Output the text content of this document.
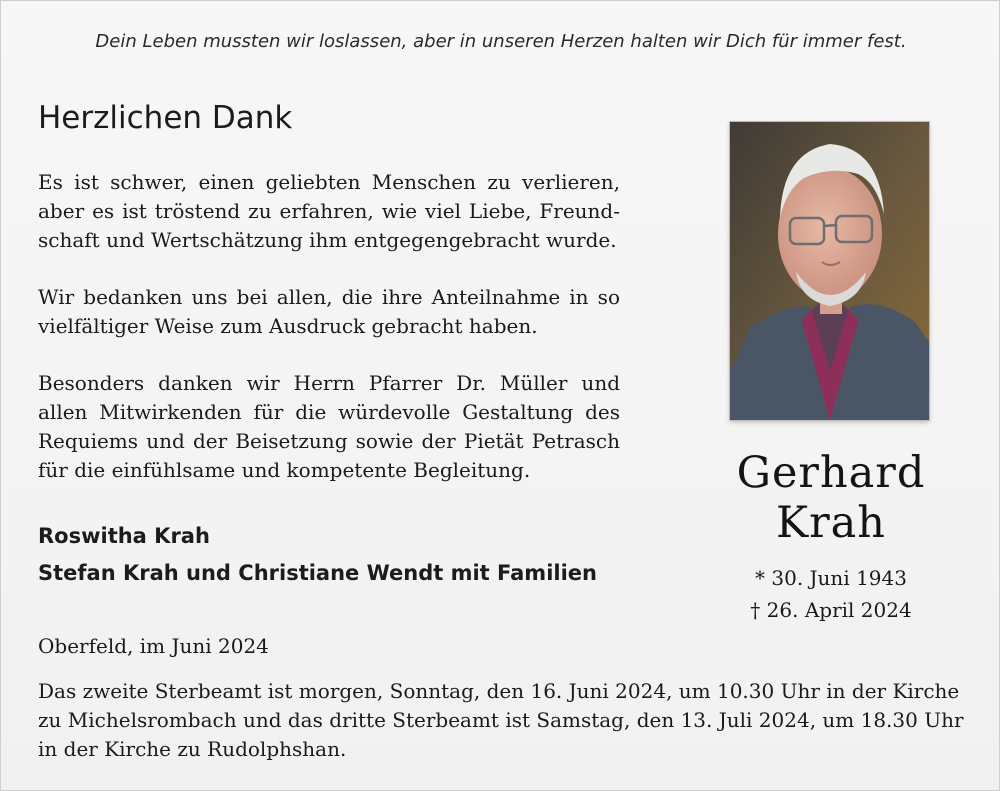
Dein Leben mussten wir loslassen, aber in unseren Herzen halten wir Dich für immer fest.
Herzlichen Dank
Es ist schwer, einen geliebten Menschen zu verlieren, aber es ist tröstend zu erfahren, wie viel Liebe, Freundschaft und Wertschätzung ihm entgegengebracht wurde.
Wir bedanken uns bei allen, die ihre Anteilnahme in so vielfältiger Weise zum Ausdruck gebracht haben.
Besonders danken wir Herrn Pfarrer Dr. Müller und allen Mitwirkenden für die würdevolle Gestaltung des Requiems und der Beisetzung sowie der Pietät Petrasch für die einfühlsame und kompetente Begleitung.
Roswitha Krah
Stefan Krah und Christiane Wendt mit Familien
Oberfeld, im Juni 2024
Das zweite Sterbeamt ist morgen, Sonntag, den 16. Juni 2024, um 10.30 Uhr in der Kirche zu Michelsrombach und das dritte Sterbeamt ist Samstag, den 13. Juli 2024, um 18.30 Uhr in der Kirche zu Rudolphshan.
Gerhard
Krah
* 30. Juni 1943
† 26. April 2024
